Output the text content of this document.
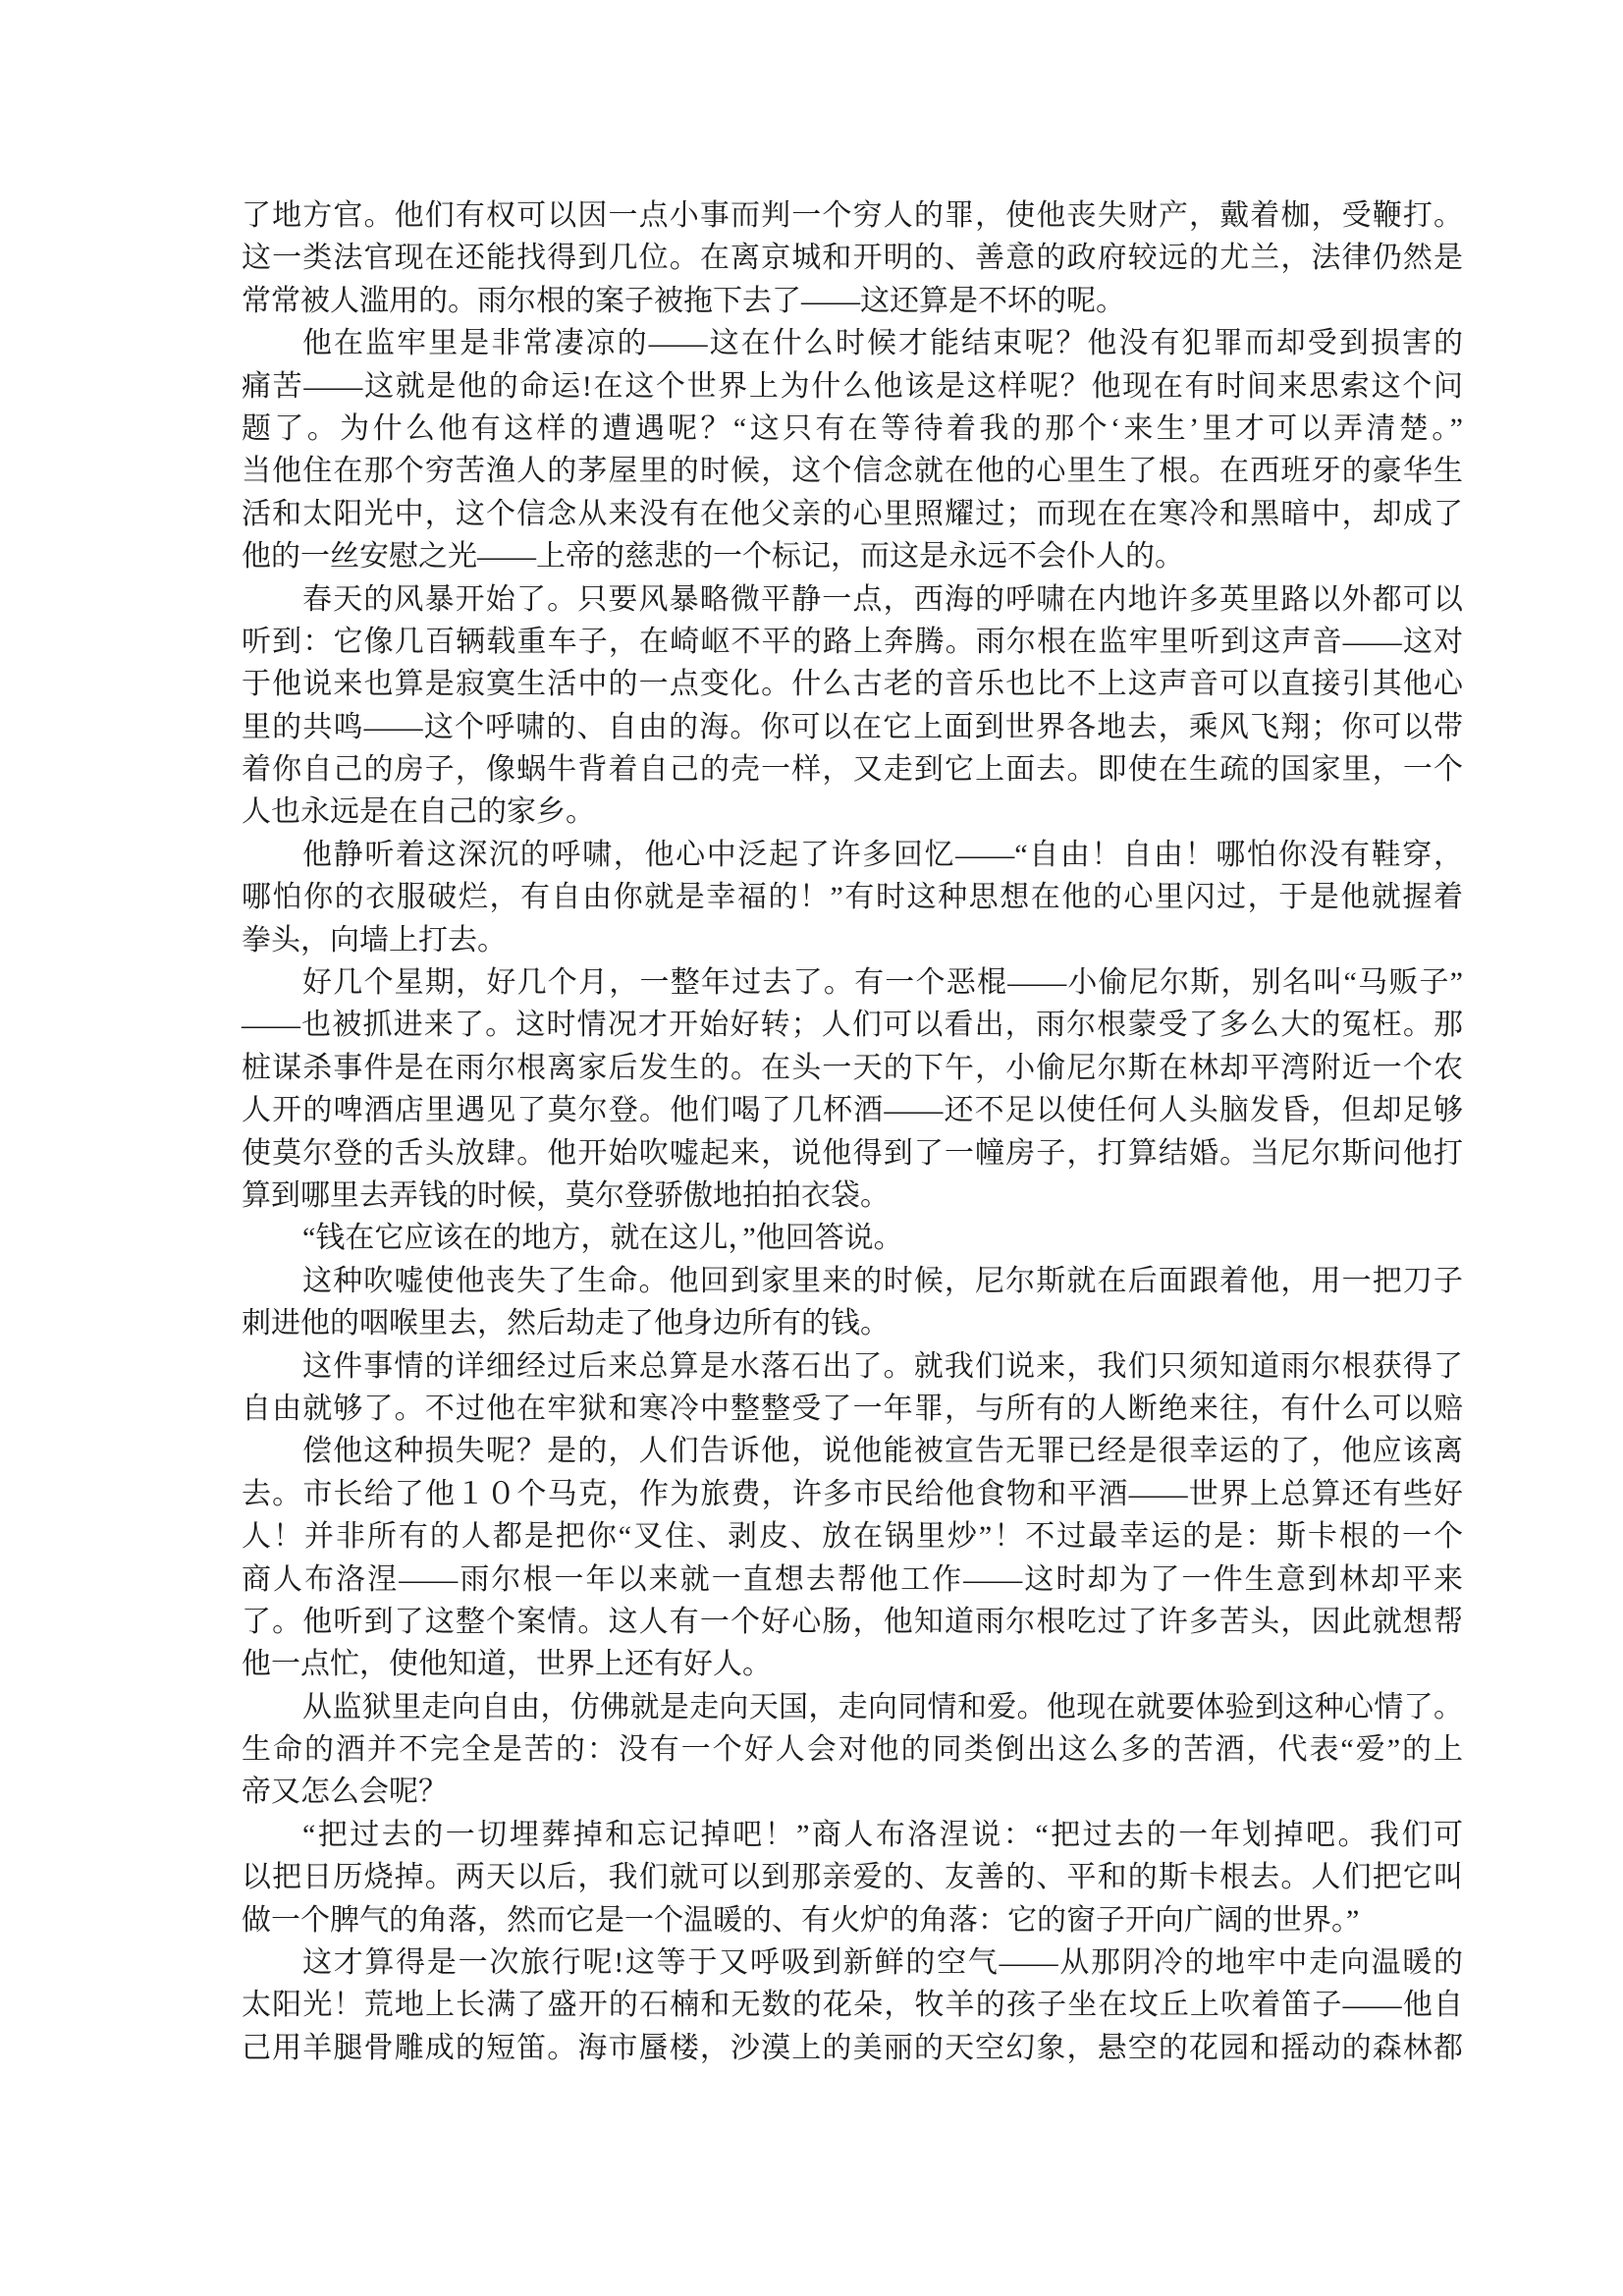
了地方官。他们有权可以因一点小事而判一个穷人的罪，使他丧失财产，戴着枷，受鞭打。
这一类法官现在还能找得到几位。在离京城和开明的、善意的政府较远的尤兰，法律仍然是
常常被人滥用的。雨尔根的案子被拖下去了——这还算是不坏的呢。
他在监牢里是非常凄凉的——这在什么时候才能结束呢？他没有犯罪而却受到损害的
痛苦——这就是他的命运!在这个世界上为什么他该是这样呢？他现在有时间来思索这个问
题了。为什么他有这样的遭遇呢？“这只有在等待着我的那个‘来生’里才可以弄清楚。”
当他住在那个穷苦渔人的茅屋里的时候，这个信念就在他的心里生了根。在西班牙的豪华生
活和太阳光中，这个信念从来没有在他父亲的心里照耀过；而现在在寒冷和黑暗中，却成了
他的一丝安慰之光——上帝的慈悲的一个标记，而这是永远不会仆人的。
春天的风暴开始了。只要风暴略微平静一点，西海的呼啸在内地许多英里路以外都可以
听到：它像几百辆载重车子，在崎岖不平的路上奔腾。雨尔根在监牢里听到这声音——这对
于他说来也算是寂寞生活中的一点变化。什么古老的音乐也比不上这声音可以直接引其他心
里的共鸣——这个呼啸的、自由的海。你可以在它上面到世界各地去，乘风飞翔；你可以带
着你自己的房子，像蜗牛背着自己的壳一样，又走到它上面去。即使在生疏的国家里，一个
人也永远是在自己的家乡。
他静听着这深沉的呼啸，他心中泛起了许多回忆——“自由！自由！哪怕你没有鞋穿，
哪怕你的衣服破烂，有自由你就是幸福的！”有时这种思想在他的心里闪过，于是他就握着
拳头，向墙上打去。
好几个星期，好几个月，一整年过去了。有一个恶棍——小偷尼尔斯，别名叫“马贩子”
——也被抓进来了。这时情况才开始好转；人们可以看出，雨尔根蒙受了多么大的冤枉。那
桩谋杀事件是在雨尔根离家后发生的。在头一天的下午，小偷尼尔斯在林却平湾附近一个农
人开的啤酒店里遇见了莫尔登。他们喝了几杯酒——还不足以使任何人头脑发昏，但却足够
使莫尔登的舌头放肆。他开始吹嘘起来，说他得到了一幢房子，打算结婚。当尼尔斯问他打
算到哪里去弄钱的时候，莫尔登骄傲地拍拍衣袋。
“钱在它应该在的地方，就在这儿，”他回答说。
这种吹嘘使他丧失了生命。他回到家里来的时候，尼尔斯就在后面跟着他，用一把刀子
刺进他的咽喉里去，然后劫走了他身边所有的钱。
这件事情的详细经过后来总算是水落石出了。就我们说来，我们只须知道雨尔根获得了
自由就够了。不过他在牢狱和寒冷中整整受了一年罪，与所有的人断绝来往，有什么可以赔
偿他这种损失呢？是的，人们告诉他，说他能被宣告无罪已经是很幸运的了，他应该离
去。市长给了他１０个马克，作为旅费，许多市民给他食物和平酒——世界上总算还有些好
人！并非所有的人都是把你“叉住、剥皮、放在锅里炒”！不过最幸运的是：斯卡根的一个
商人布洛涅——雨尔根一年以来就一直想去帮他工作——这时却为了一件生意到林却平来
了。他听到了这整个案情。这人有一个好心肠，他知道雨尔根吃过了许多苦头，因此就想帮
他一点忙，使他知道，世界上还有好人。
从监狱里走向自由，仿佛就是走向天国，走向同情和爱。他现在就要体验到这种心情了。
生命的酒并不完全是苦的：没有一个好人会对他的同类倒出这么多的苦酒，代表“爱”的上
帝又怎么会呢？
“把过去的一切埋葬掉和忘记掉吧！”商人布洛涅说：“把过去的一年划掉吧。我们可
以把日历烧掉。两天以后，我们就可以到那亲爱的、友善的、平和的斯卡根去。人们把它叫
做一个脾气的角落，然而它是一个温暖的、有火炉的角落：它的窗子开向广阔的世界。”
这才算得是一次旅行呢!这等于又呼吸到新鲜的空气——从那阴冷的地牢中走向温暖的
太阳光！荒地上长满了盛开的石楠和无数的花朵，牧羊的孩子坐在坟丘上吹着笛子——他自
己用羊腿骨雕成的短笛。海市蜃楼，沙漠上的美丽的天空幻象，悬空的花园和摇动的森林都
